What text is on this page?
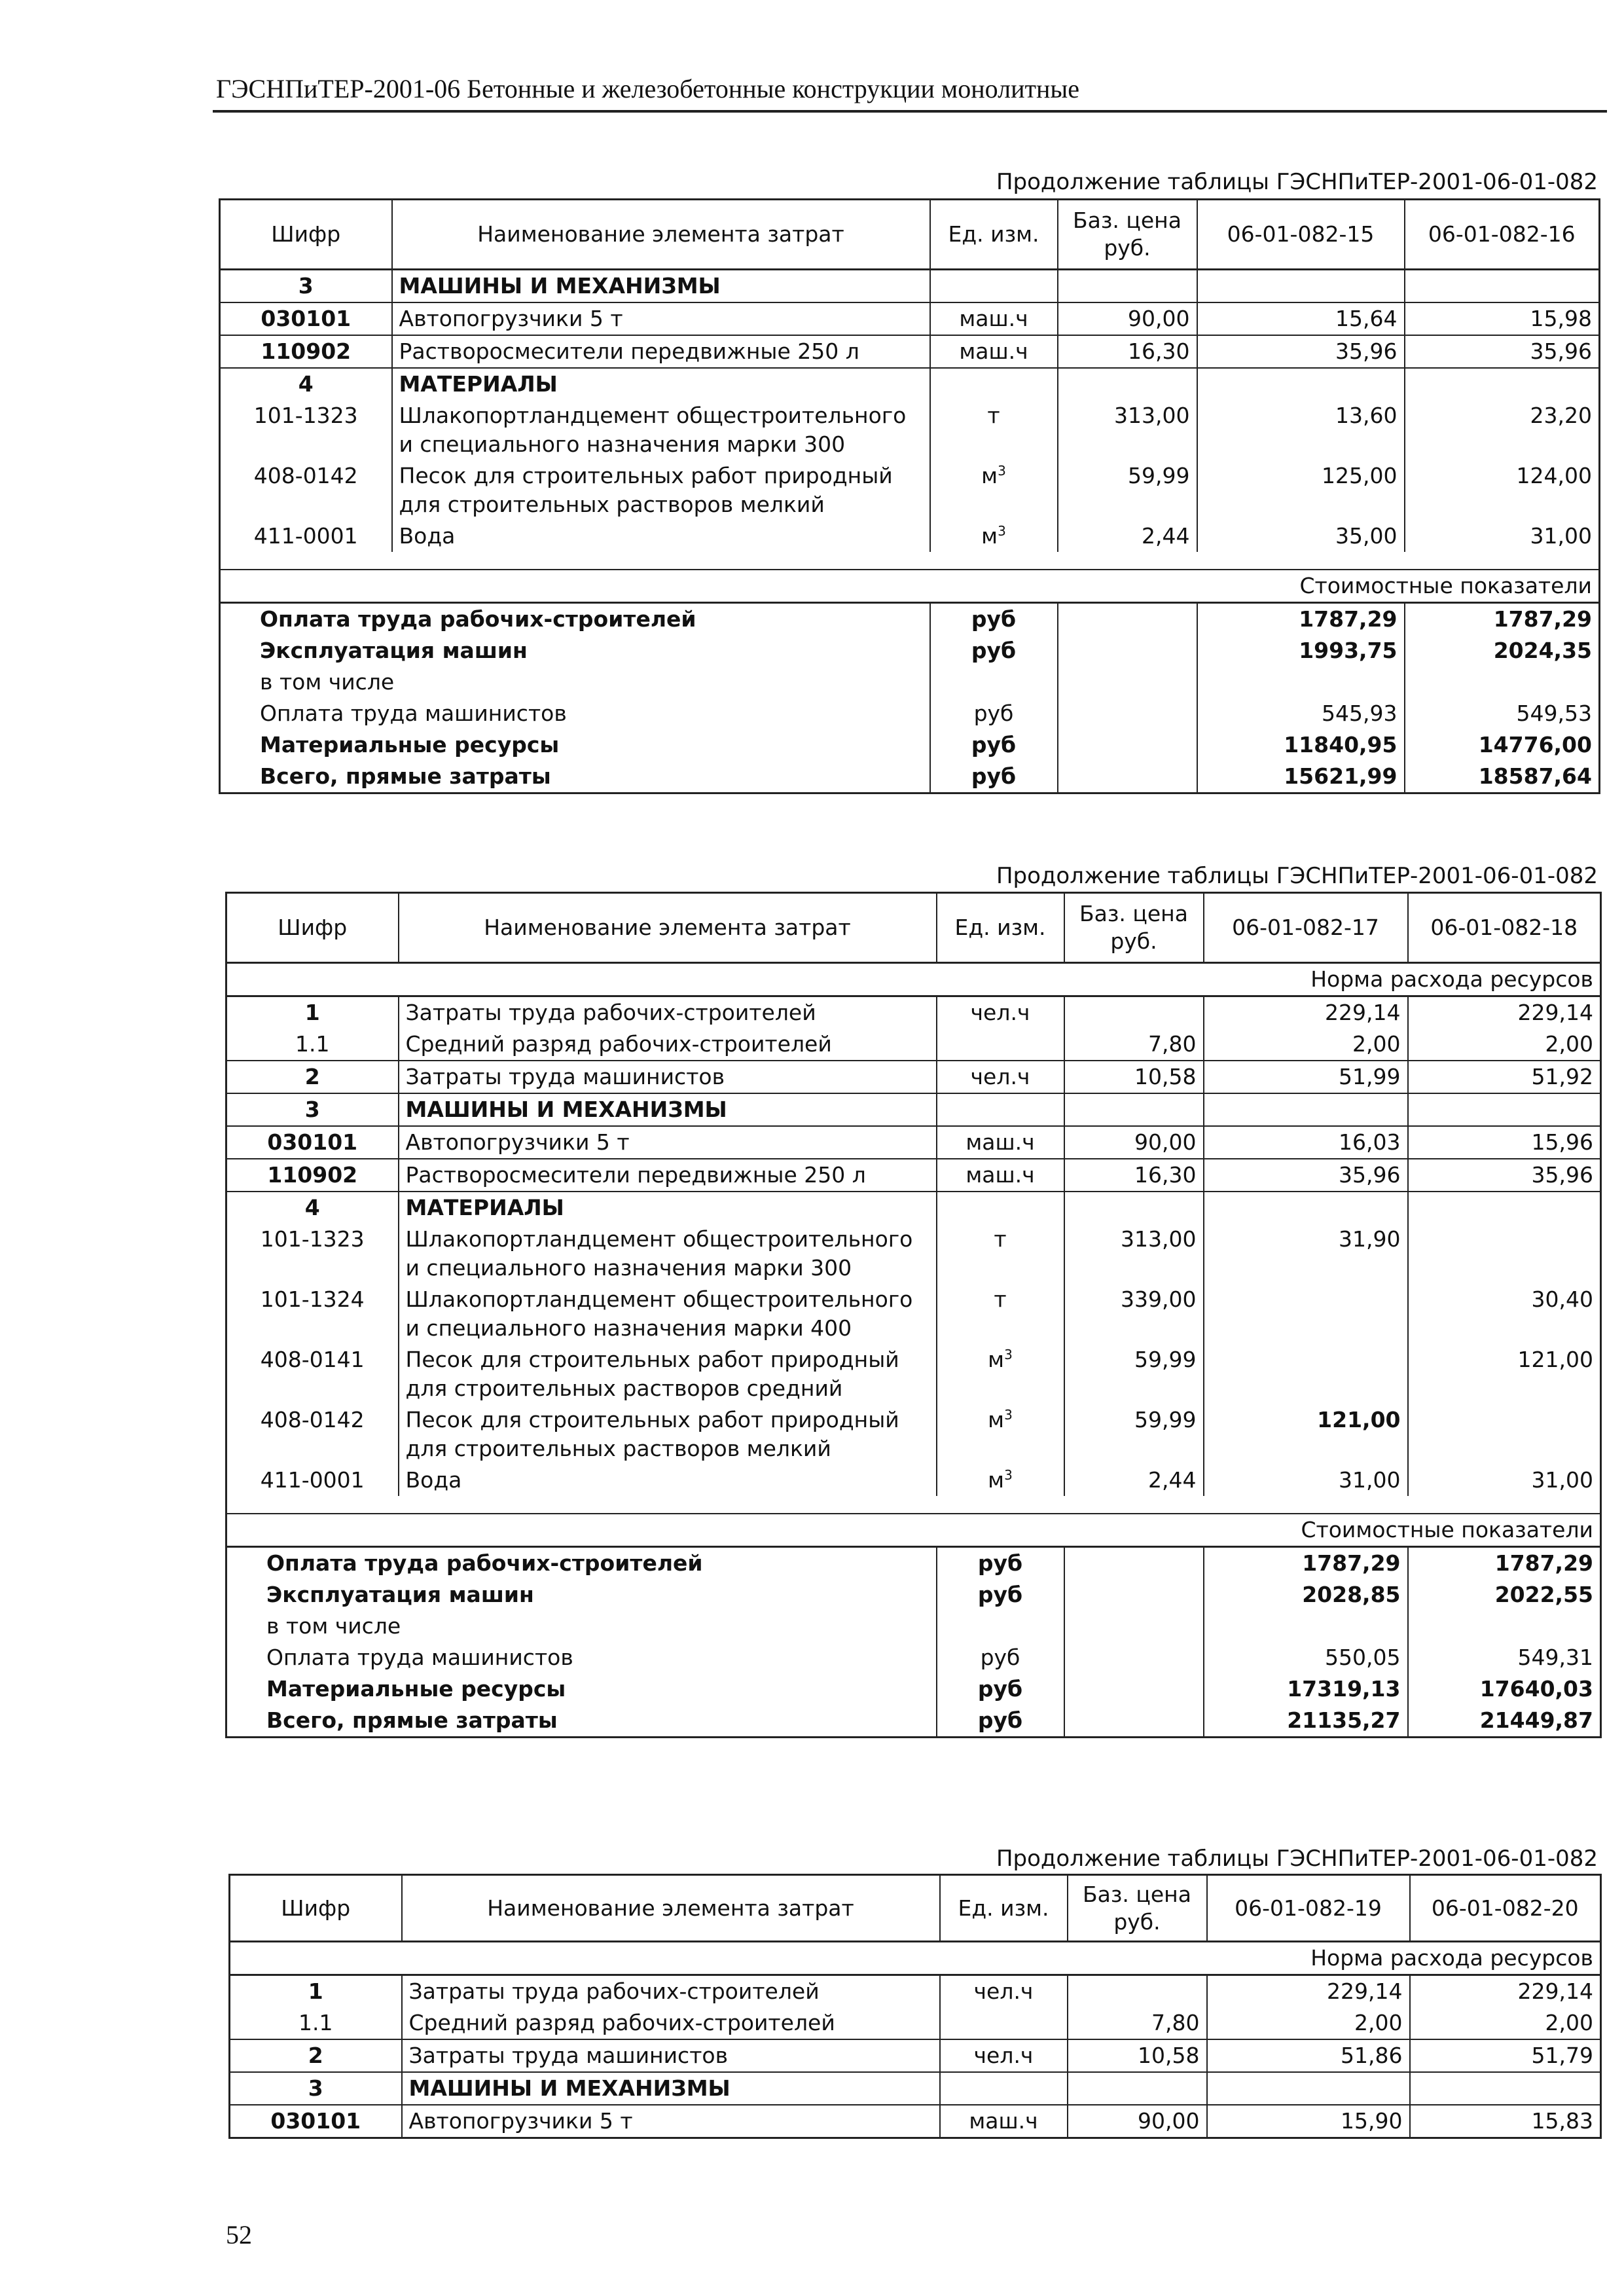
ГЭСНПиТЕР-2001-06 Бетонные и железобетонные конструкции монолитные
Продолжение таблицы ГЭСНПиТЕР-2001-06-01-082
Шифр	Наименование элемента затрат	Ед. изм.	Баз. цена руб.	06-01-082-15	06-01-082-16
3	МАШИНЫ И МЕХАНИЗМЫ				
030101	Автопогрузчики 5 т	маш.ч	90,00	15,64	15,98
110902	Растворосмесители передвижные 250 л	маш.ч	16,30	35,96	35,96
4	МАТЕРИАЛЫ				
101-1323	Шлакопортландцемент общестроительного и специального назначения марки 300	т	313,00	13,60	23,20
408-0142	Песок для строительных работ природный для строительных растворов мелкий	$м^3$	59,99	125,00	124,00
411-0001	Вода	$м^3$	2,44	35,00	31,00

Стоимостные показатели					
Оплата труда рабочих-строителей		руб		1787,29	1787,29
Эксплуатация машин		руб		1993,75	2024,35
в том числе					
Оплата труда машинистов		руб		545,93	549,53
Материальные ресурсы		руб		11840,95	14776,00
Всего, прямые затраты		руб		15621,99	18587,64
Продолжение таблицы ГЭСНПиТЕР-2001-06-01-082
Шифр	Наименование элемента затрат	Ед. изм.	Баз. цена руб.	06-01-082-17	06-01-082-18
Норма расхода ресурсов					
1	Затраты труда рабочих-строителей	чел.ч		229,14	229,14
1.1	Средний разряд рабочих-строителей		7,80	2,00	2,00
2	Затраты труда машинистов	чел.ч	10,58	51,99	51,92
3	МАШИНЫ И МЕХАНИЗМЫ				
030101	Автопогрузчики 5 т	маш.ч	90,00	16,03	15,96
110902	Растворосмесители передвижные 250 л	маш.ч	16,30	35,96	35,96
4	МАТЕРИАЛЫ				
101-1323	Шлакопортландцемент общестроительного и специального назначения марки 300	т	313,00	31,90	
101-1324	Шлакопортландцемент общестроительного и специального назначения марки 400	т	339,00		30,40
408-0141	Песок для строительных работ природный для строительных растворов средний	$м^3$	59,99		121,00
408-0142	Песок для строительных работ природный для строительных растворов мелкий	$м^3$	59,99	121,00	
411-0001	Вода	$м^3$	2,44	31,00	31,00

Стоимостные показатели					
Оплата труда рабочих-строителей		руб		1787,29	1787,29
Эксплуатация машин		руб		2028,85	2022,55
в том числе					
Оплата труда машинистов		руб		550,05	549,31
Материальные ресурсы		руб		17319,13	17640,03
Всего, прямые затраты		руб		21135,27	21449,87
Продолжение таблицы ГЭСНПиТЕР-2001-06-01-082
Шифр	Наименование элемента затрат	Ед. изм.	Баз. цена руб.	06-01-082-19	06-01-082-20
Норма расхода ресурсов					
1	Затраты труда рабочих-строителей	чел.ч		229,14	229,14
1.1	Средний разряд рабочих-строителей		7,80	2,00	2,00
2	Затраты труда машинистов	чел.ч	10,58	51,86	51,79
3	МАШИНЫ И МЕХАНИЗМЫ				
030101	Автопогрузчики 5 т	маш.ч	90,00	15,90	15,83
52
